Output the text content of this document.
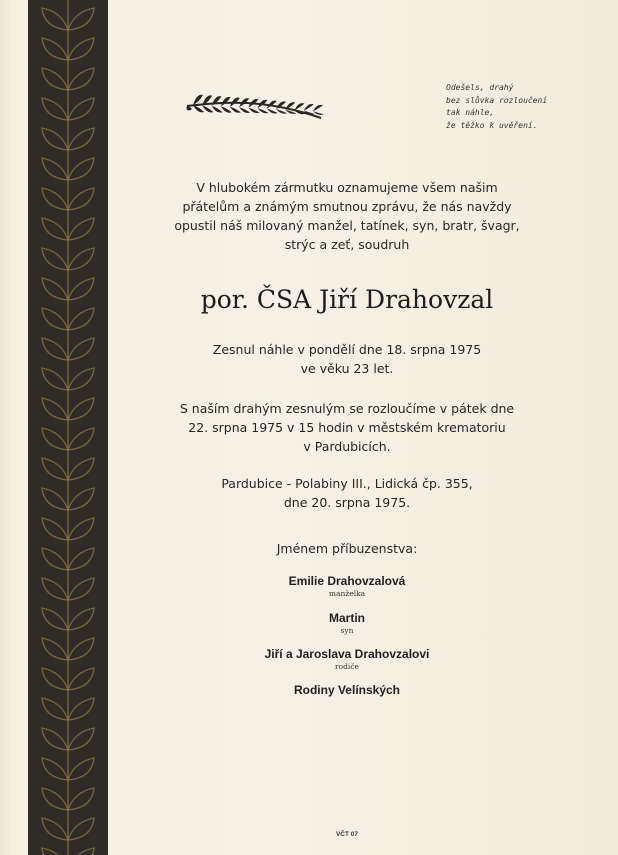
Odešels, drahý
bez slůvka rozloučení
tak náhle,
že těžko k uvěření.
V hlubokém zármutku oznamujeme všem našim
přátelům a známým smutnou zprávu, že nás navždy
opustil náš milovaný manžel, tatínek, syn, bratr, švagr,
strýc a zeť, soudruh
por. ČSA Jiří Drahovzal
Zesnul náhle v pondělí dne 18. srpna 1975
ve věku 23 let.
S naším drahým zesnulým se rozloučíme v pátek dne
22. srpna 1975 v 15 hodin v městském krematoriu
v Pardubicích.
Pardubice - Polabiny III., Lidická čp. 355,
dne 20. srpna 1975.
Jménem příbuzenstva:
Emilie Drahovzalová
manželka
Martin
syn
Jiří a Jaroslava Drahovzalovi
rodiče
Rodiny Velínských
VČT 07
